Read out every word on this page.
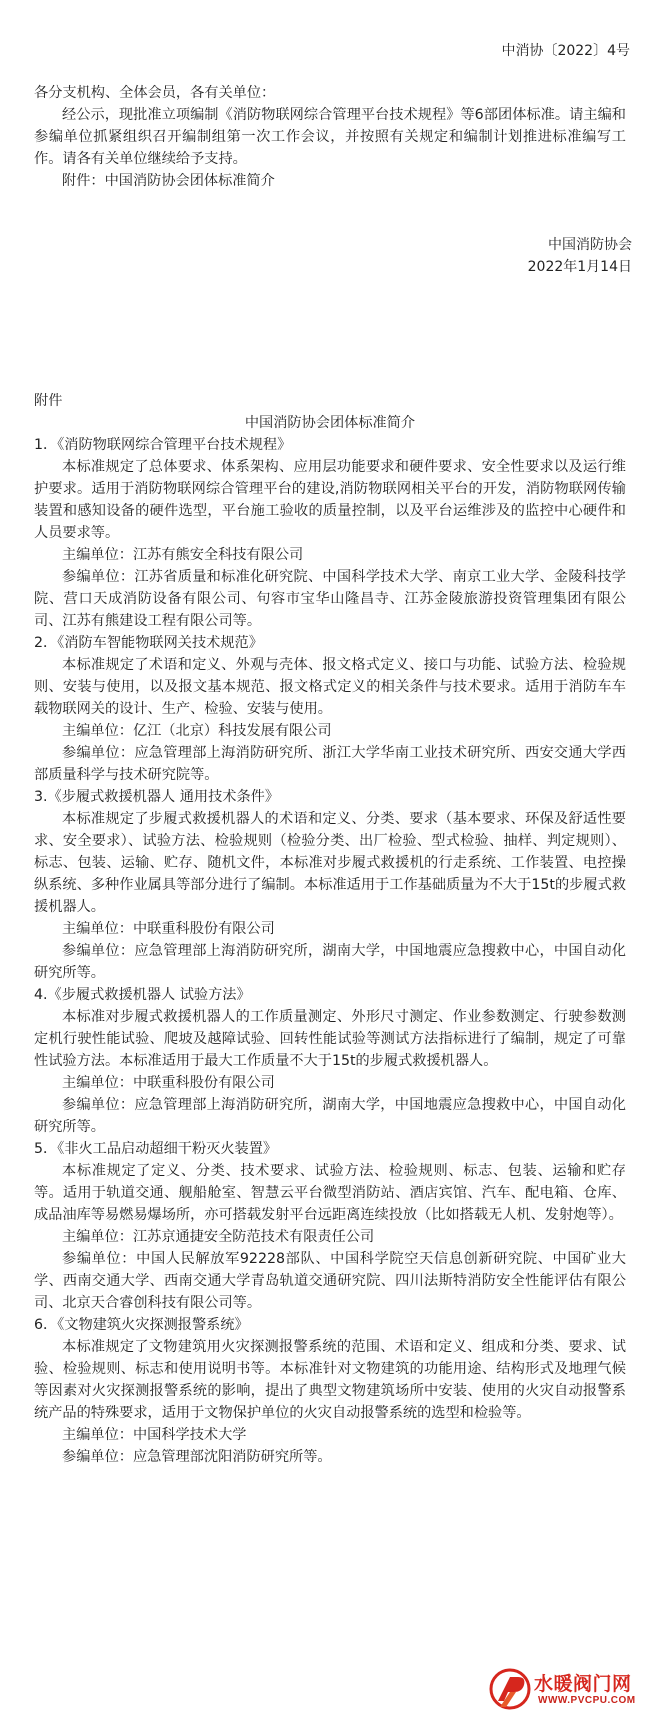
中消协〔2022〕4号

各分支机构、全体会员，各有关单位：

经公示，现批准立项编制《消防物联网综合管理平台技术规程》等6部团体标准。请主编和参编单位抓紧组织召开编制组第一次工作会议，并按照有关规定和编制计划推进标准编写工作。请各有关单位继续给予支持。

附件：中国消防协会团体标准简介

中国消防协会
2022年1月14日

附件

中国消防协会团体标准简介

1．《消防物联网综合管理平台技术规程》

本标准规定了总体要求、体系架构、应用层功能要求和硬件要求、安全性要求以及运行维护要求。适用于消防物联网综合管理平台的建设,消防物联网相关平台的开发，消防物联网传输装置和感知设备的硬件选型，平台施工验收的质量控制，以及平台运维涉及的监控中心硬件和人员要求等。

主编单位：江苏有熊安全科技有限公司

参编单位：江苏省质量和标准化研究院、中国科学技术大学、南京工业大学、金陵科技学院、营口天成消防设备有限公司、句容市宝华山隆昌寺、江苏金陵旅游投资管理集团有限公司、江苏有熊建设工程有限公司等。

2．《消防车智能物联网关技术规范》

本标准规定了术语和定义、外观与壳体、报文格式定义、接口与功能、试验方法、检验规则、安装与使用，以及报文基本规范、报文格式定义的相关条件与技术要求。适用于消防车车载物联网关的设计、生产、检验、安装与使用。

主编单位：亿江（北京）科技发展有限公司

参编单位：应急管理部上海消防研究所、浙江大学华南工业技术研究所、西安交通大学西部质量科学与技术研究院等。

3.《步履式救援机器人 通用技术条件》

本标准规定了步履式救援机器人的术语和定义、分类、要求（基本要求、环保及舒适性要求、安全要求）、试验方法、检验规则（检验分类、出厂检验、型式检验、抽样、判定规则）、标志、包装、运输、贮存、随机文件，本标准对步履式救援机的行走系统、工作装置、电控操纵系统、多种作业属具等部分进行了编制。本标准适用于工作基础质量为不大于15t的步履式救援机器人。

主编单位：中联重科股份有限公司

参编单位：应急管理部上海消防研究所，湖南大学，中国地震应急搜救中心，中国自动化研究所等。

4.《步履式救援机器人 试验方法》

本标准对步履式救援机器人的工作质量测定、外形尺寸测定、作业参数测定、行驶参数测定机行驶性能试验、爬坡及越障试验、回转性能试验等测试方法指标进行了编制，规定了可靠性试验方法。本标准适用于最大工作质量不大于15t的步履式救援机器人。

主编单位：中联重科股份有限公司

参编单位：应急管理部上海消防研究所，湖南大学，中国地震应急搜救中心，中国自动化研究所等。

5．《非火工品启动超细干粉灭火装置》

本标准规定了定义、分类、技术要求、试验方法、检验规则、标志、包装、运输和贮存等。适用于轨道交通、舰船舱室、智慧云平台微型消防站、酒店宾馆、汽车、配电箱、仓库、成品油库等易燃易爆场所，亦可搭载发射平台远距离连续投放（比如搭载无人机、发射炮等）。

主编单位：江苏京通捷安全防范技术有限责任公司

参编单位：中国人民解放军92228部队、中国科学院空天信息创新研究院、中国矿业大学、西南交通大学、西南交通大学青岛轨道交通研究院、四川法斯特消防安全性能评估有限公司、北京天合睿创科技有限公司等。

6．《文物建筑火灾探测报警系统》

本标准规定了文物建筑用火灾探测报警系统的范围、术语和定义、组成和分类、要求、试验、检验规则、标志和使用说明书等。本标准针对文物建筑的功能用途、结构形式及地理气候等因素对火灾探测报警系统的影响，提出了典型文物建筑场所中安装、使用的火灾自动报警系统产品的特殊要求，适用于文物保护单位的火灾自动报警系统的选型和检验等。

主编单位：中国科学技术大学

参编单位：应急管理部沈阳消防研究所等。

水暖阀门网
WWW.PVCPU.COM
